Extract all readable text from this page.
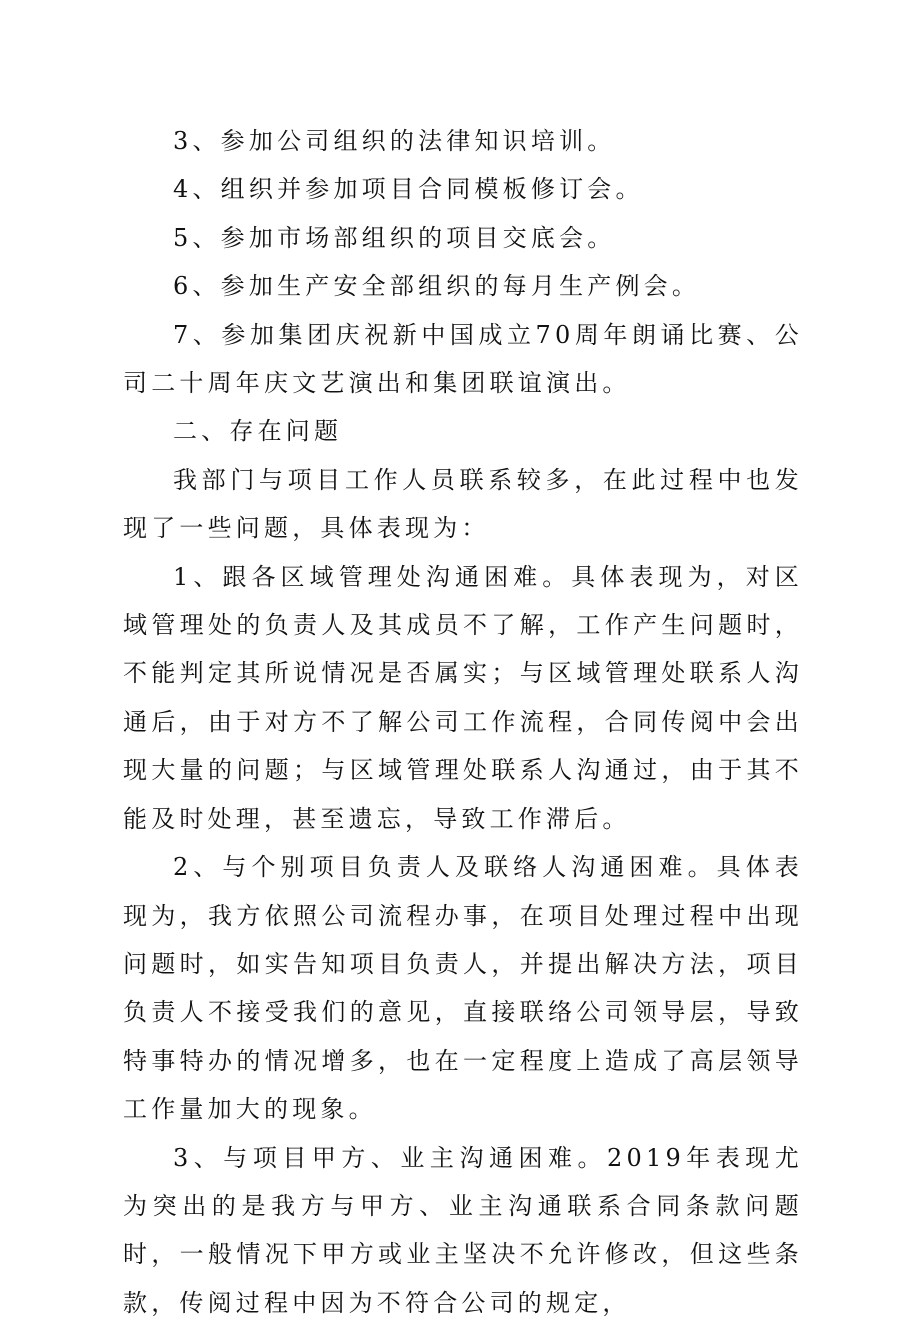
3、参加公司组织的法律知识培训。

4、组织并参加项目合同模板修订会。

5、参加市场部组织的项目交底会。

6、参加生产安全部组织的每月生产例会。

7、参加集团庆祝新中国成立70周年朗诵比赛、公司二十周年庆文艺演出和集团联谊演出。

二、存在问题

我部门与项目工作人员联系较多，在此过程中也发现了一些问题，具体表现为：

1、跟各区域管理处沟通困难。具体表现为，对区域管理处的负责人及其成员不了解，工作产生问题时，不能判定其所说情况是否属实；与区域管理处联系人沟通后，由于对方不了解公司工作流程，合同传阅中会出现大量的问题；与区域管理处联系人沟通过，由于其不能及时处理，甚至遗忘，导致工作滞后。

2、与个别项目负责人及联络人沟通困难。具体表现为，我方依照公司流程办事，在项目处理过程中出现问题时，如实告知项目负责人，并提出解决方法，项目负责人不接受我们的意见，直接联络公司领导层，导致特事特办的情况增多，也在一定程度上造成了高层领导工作量加大的现象。

3、与项目甲方、业主沟通困难。2019年表现尤为突出的是我方与甲方、业主沟通联系合同条款问题时，一般情况下甲方或业主坚决不允许修改，但这些条款，传阅过程中因为不符合公司的规定，
